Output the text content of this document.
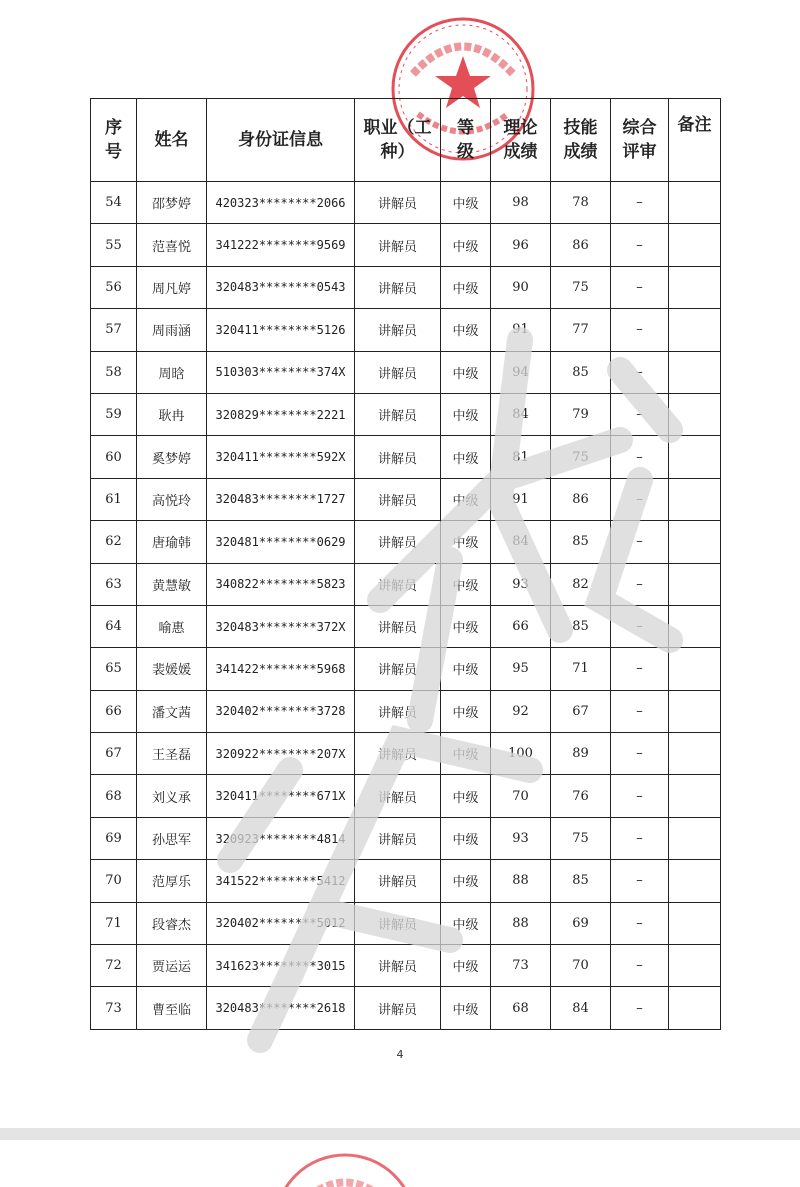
序号	姓名	身份证信息	职业（工种）	等级	理论成绩	技能成绩	综合评审	备注
54	邵梦婷	420323********2066	讲解员	中级	98	78	–	
55	范喜悦	341222********9569	讲解员	中级	96	86	–	
56	周凡婷	320483********0543	讲解员	中级	90	75	–	
57	周雨涵	320411********5126	讲解员	中级	91	77	–	
58	周晗	510303********374X	讲解员	中级	94	85	–	
59	耿冉	320829********2221	讲解员	中级	84	79	–	
60	奚梦婷	320411********592X	讲解员	中级	81	75	–	
61	高悦玲	320483********1727	讲解员	中级	91	86	–	
62	唐瑜韩	320481********0629	讲解员	中级	84	85	–	
63	黄慧敏	340822********5823	讲解员	中级	93	82	–	
64	喻惠	320483********372X	讲解员	中级	66	85	–	
65	裴媛媛	341422********5968	讲解员	中级	95	71	–	
66	潘文茜	320402********3728	讲解员	中级	92	67	–	
67	王圣磊	320922********207X	讲解员	中级	100	89	–	
68	刘义承	320411********671X	讲解员	中级	70	76	–	
69	孙思军	320923********4814	讲解员	中级	93	75	–	
70	范厚乐	341522********5412	讲解员	中级	88	85	–	
71	段睿杰	320402********5012	讲解员	中级	88	69	–	
72	贾运运	341623********3015	讲解员	中级	73	70	–	
73	曹至临	320483********2618	讲解员	中级	68	84	–	
4
